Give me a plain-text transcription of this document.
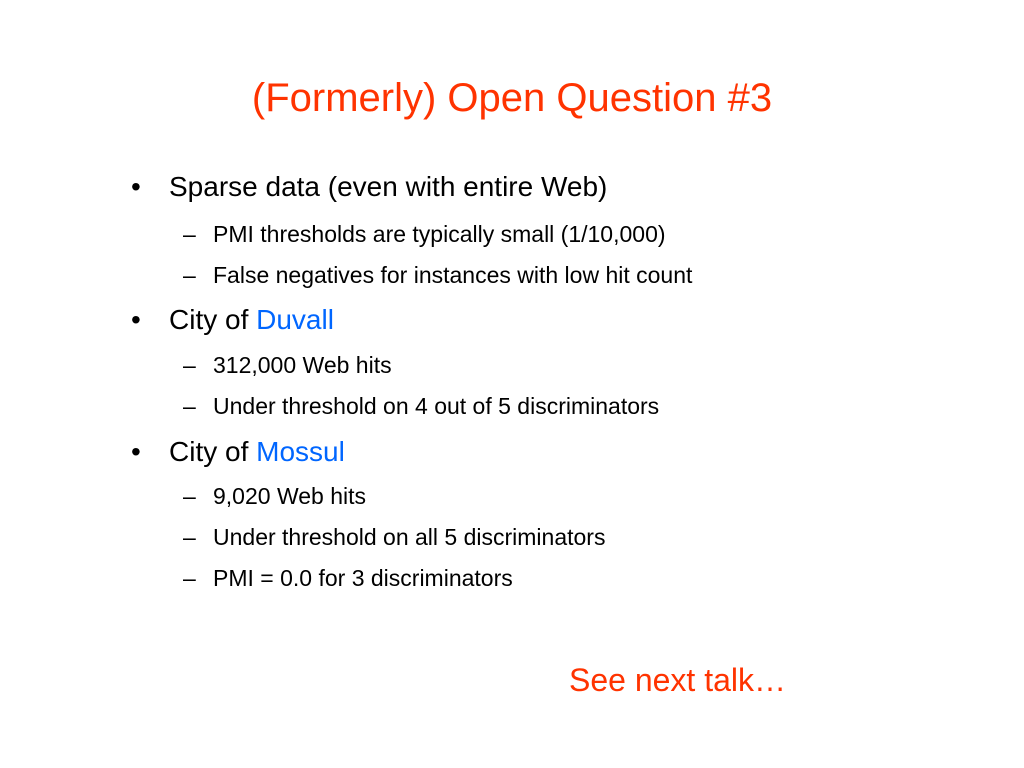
(Formerly) Open Question #3
• Sparse data (even with entire Web)
– PMI thresholds are typically small (1/10,000)
– False negatives for instances with low hit count
• City of Duvall
– 312,000 Web hits
– Under threshold on 4 out of 5 discriminators
• City of Mossul
– 9,020 Web hits
– Under threshold on all 5 discriminators
– PMI = 0.0 for 3 discriminators
See next talk…
